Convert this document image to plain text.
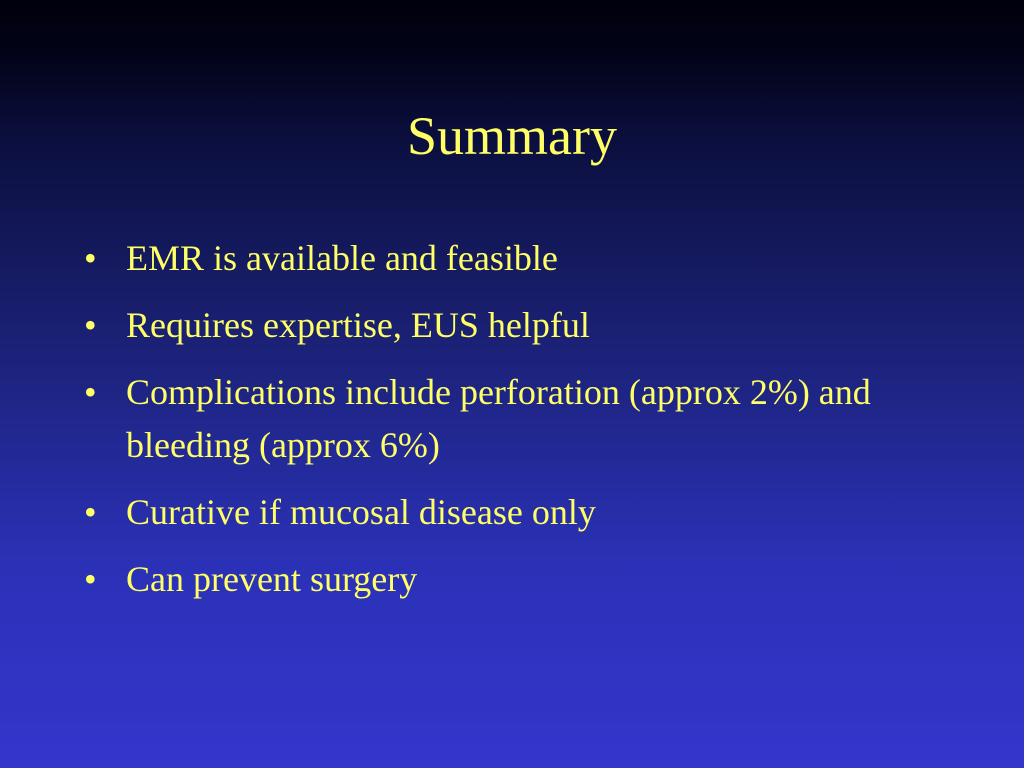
Summary
• EMR is available and feasible
• Requires expertise, EUS helpful
• Complications include perforation (approx 2%) and bleeding (approx 6%)
• Curative if mucosal disease only
• Can prevent surgery
